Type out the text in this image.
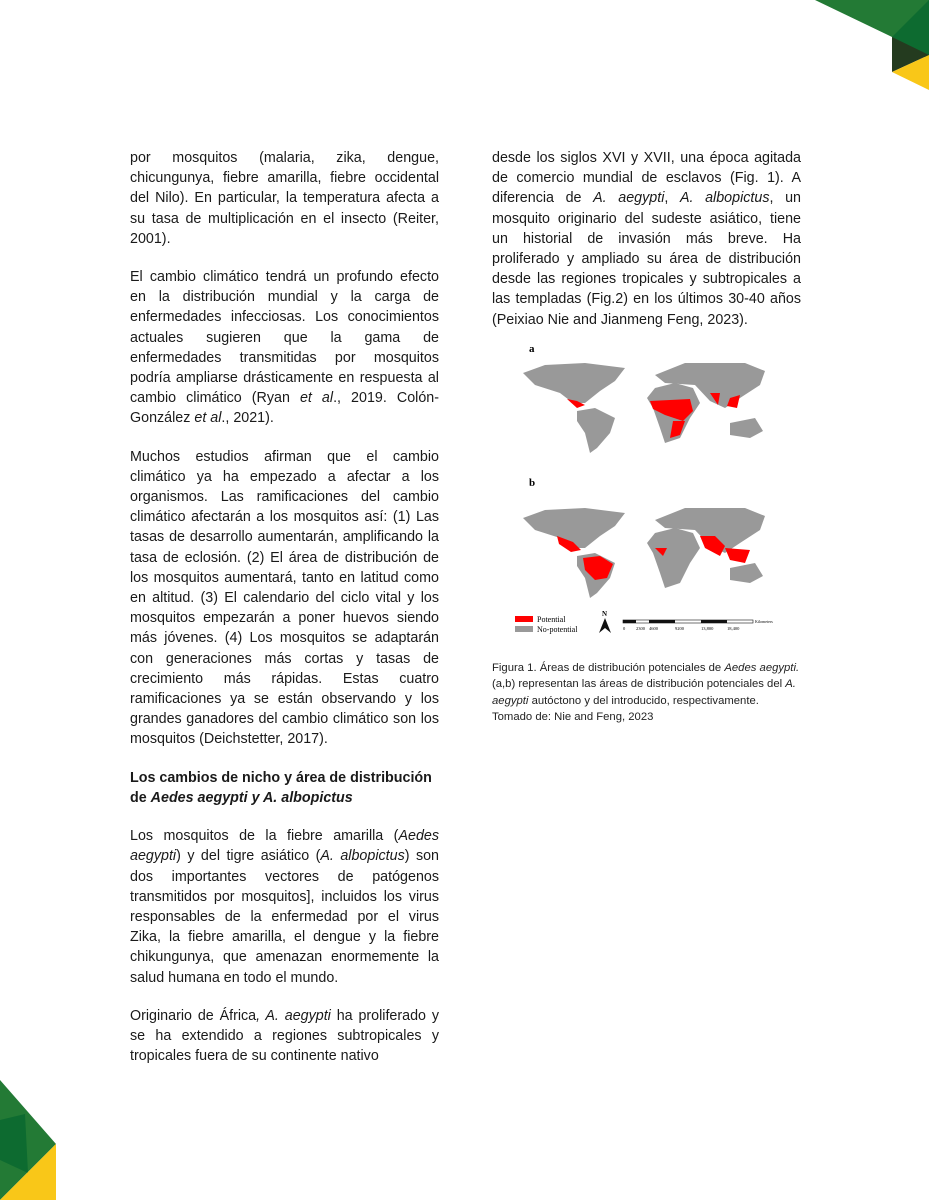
por mosquitos (malaria, zika, dengue, chicungunya, fiebre amarilla, fiebre occidental del Nilo). En particular, la temperatura afecta a su tasa de multiplicación en el insecto (Reiter, 2001).

El cambio climático tendrá un profundo efecto en la distribución mundial y la carga de enfermedades infecciosas. Los conocimientos actuales sugieren que la gama de enfermedades transmitidas por mosquitos podría ampliarse drásticamente en respuesta al cambio climático (Ryan et al., 2019. Colón-González et al., 2021).

Muchos estudios afirman que el cambio climático ya ha empezado a afectar a los organismos. Las ramificaciones del cambio climático afectarán a los mosquitos así: (1) Las tasas de desarrollo aumentarán, amplificando la tasa de eclosión. (2) El área de distribución de los mosquitos aumentará, tanto en latitud como en altitud. (3) El calendario del ciclo vital y los mosquitos empezarán a poner huevos siendo más jóvenes. (4) Los mosquitos se adaptarán con generaciones más cortas y tasas de crecimiento más rápidas. Estas cuatro ramificaciones ya se están observando y los grandes ganadores del cambio climático son los mosquitos (Deichstetter, 2017).

Los cambios de nicho y área de distribución de Aedes aegypti y A. albopictus

Los mosquitos de la fiebre amarilla (Aedes aegypti) y del tigre asiático (A. albopictus) son dos importantes vectores de patógenos transmitidos por mosquitos], incluidos los virus responsables de la enfermedad por el virus Zika, la fiebre amarilla, el dengue y la fiebre chikungunya, que amenazan enormemente la salud humana en todo el mundo.

Originario de África, A. aegypti ha proliferado y se ha extendido a regiones subtropicales y tropicales fuera de su continente nativo

desde los siglos XVI y XVII, una época agitada de comercio mundial de esclavos (Fig. 1). A diferencia de A. aegypti, A. albopictus, un mosquito originario del sudeste asiático, tiene un historial de invasión más breve. Ha proliferado y ampliado su área de distribución desde las regiones tropicales y subtropicales a las templadas (Fig.2) en los últimos 30-40 años (Peixiao Nie and Jianmeng Feng, 2023).

a
b
Potential
No-potential
N
Kilometers
0 2300 4600	9200	13,800	18,400
Figura 1. Áreas de distribución potenciales de Aedes aegypti. (a,b) representan las áreas de distribución potenciales del A. aegypti autóctono y del introducido, respectivamente.
Tomado de: Nie and Feng, 2023
